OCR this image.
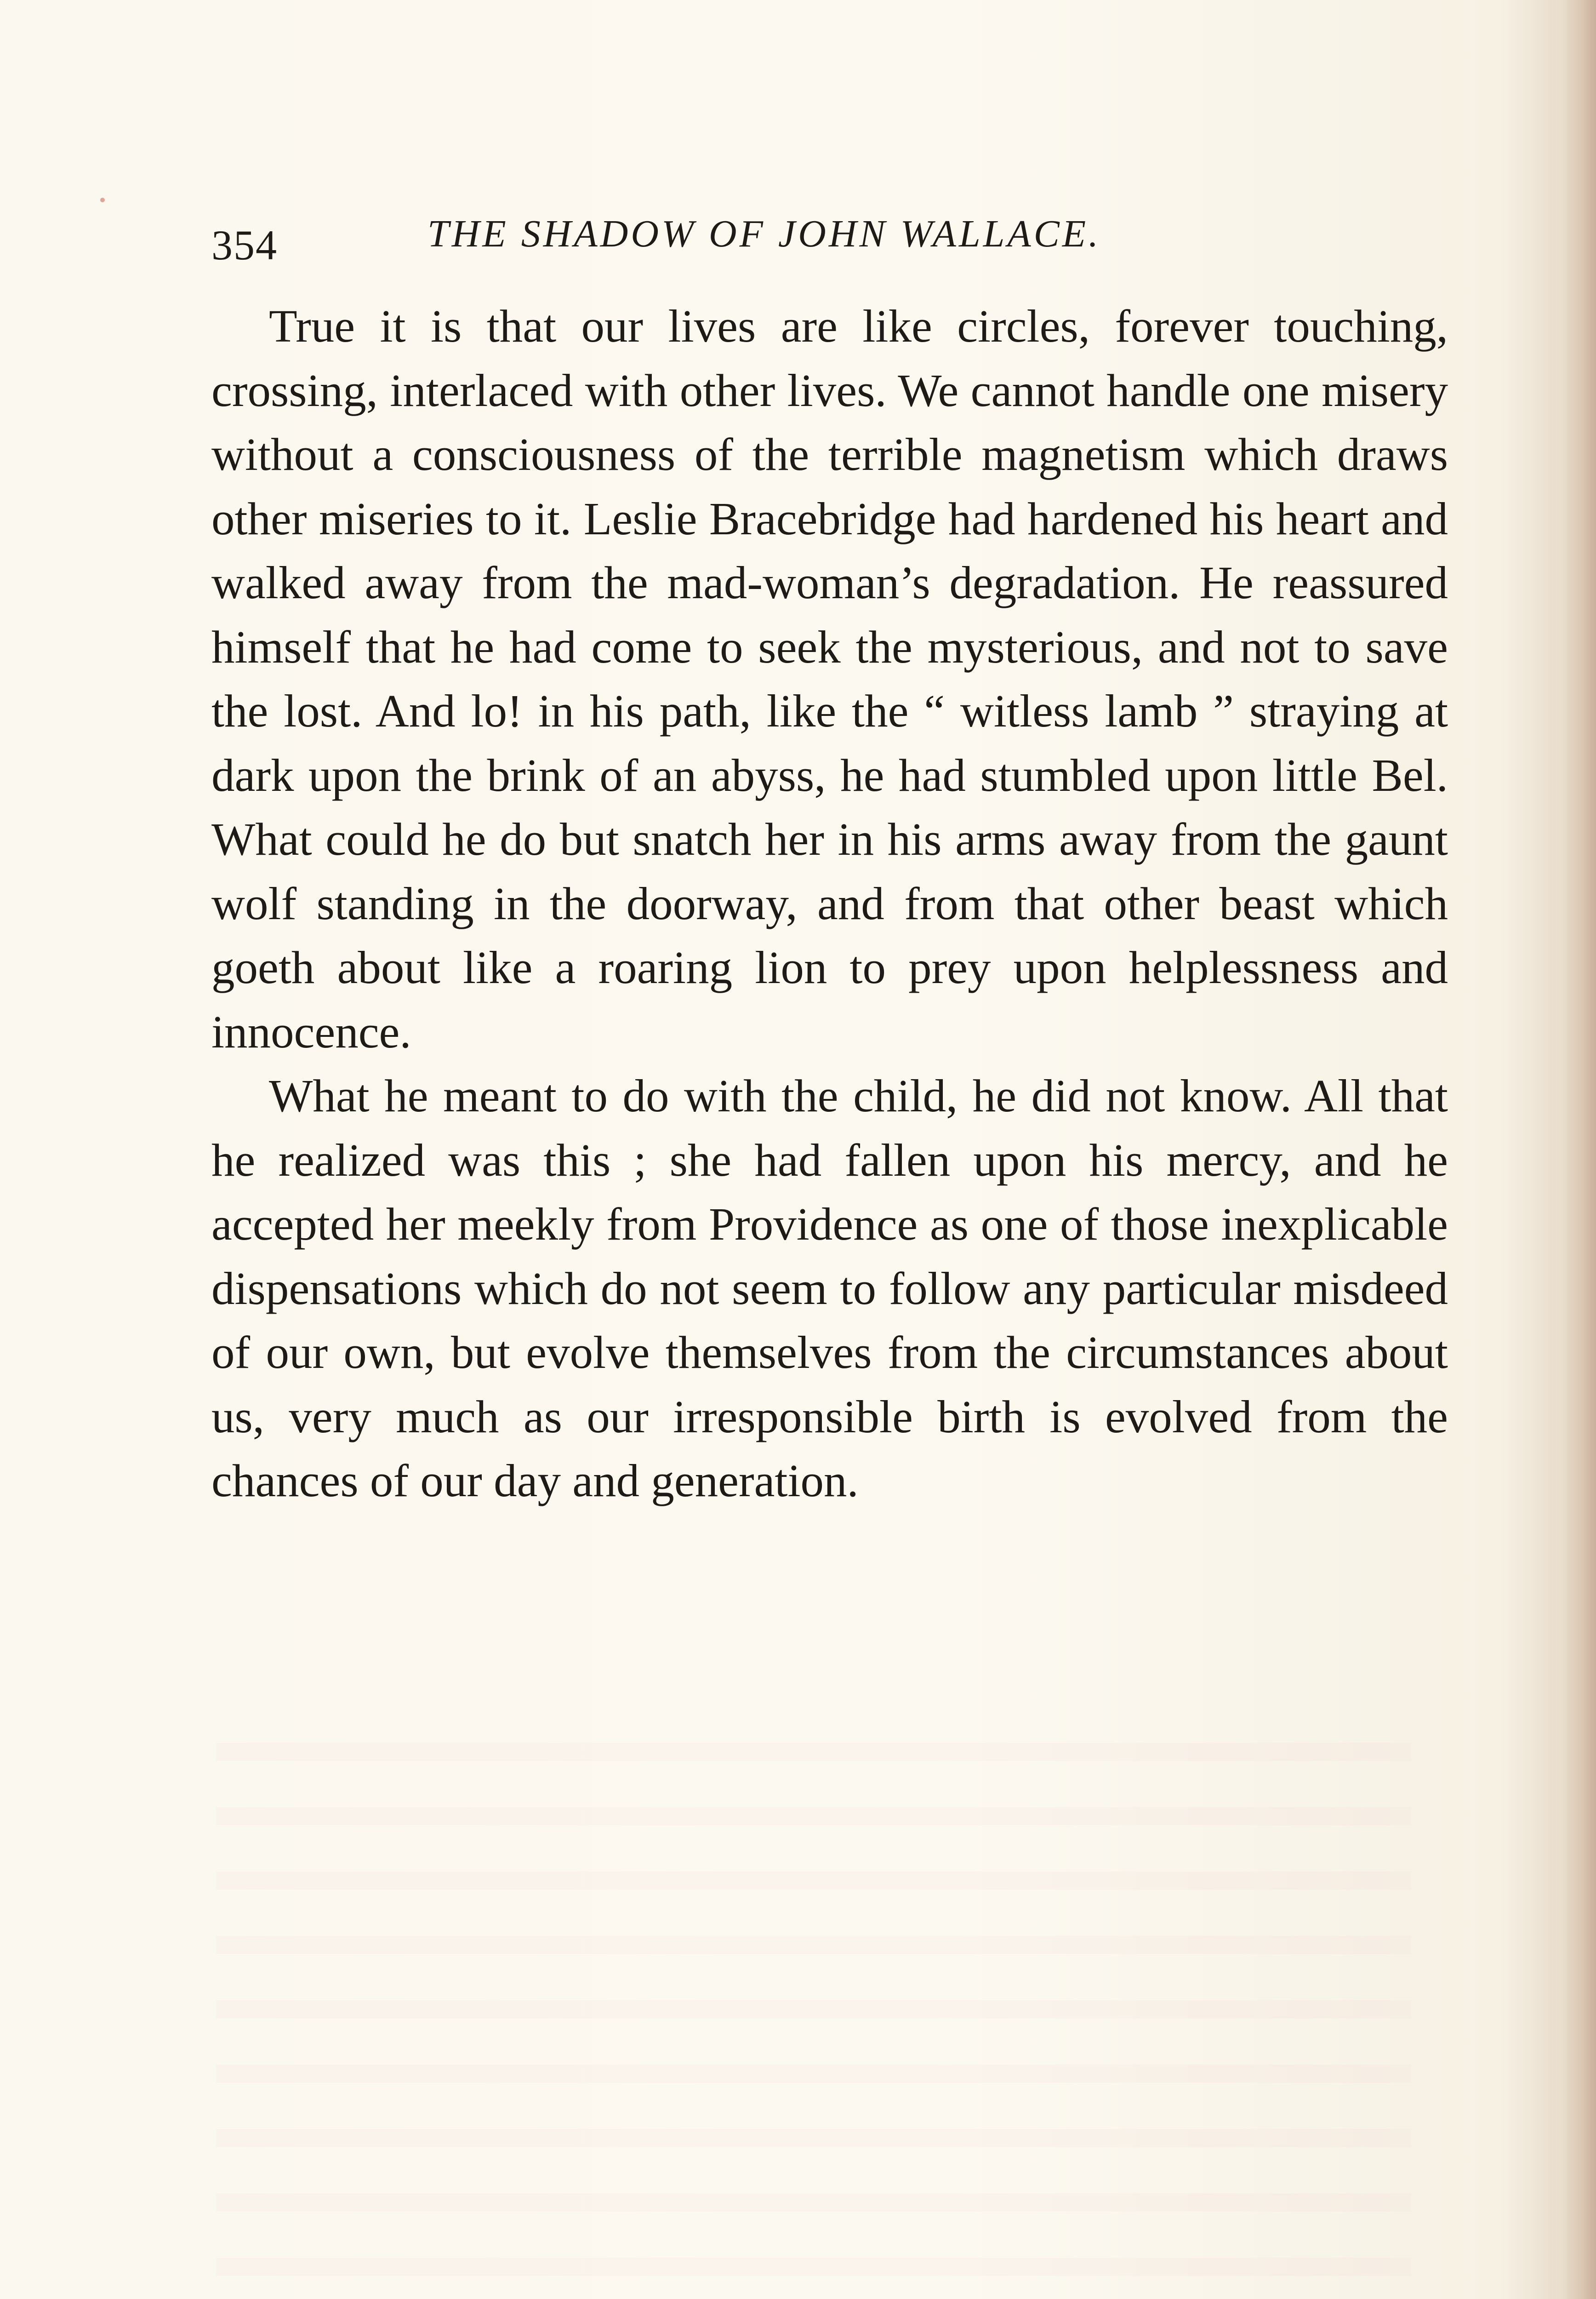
354	THE SHADOW OF JOHN WALLACE.

True it is that our lives are like circles, forever touching, crossing, interlaced with other lives. We cannot handle one misery without a consciousness of the terrible magnetism which draws other miseries to it. Leslie Bracebridge had hardened his heart and walked away from the mad-woman’s degradation. He reassured himself that he had come to seek the mysterious, and not to save the lost. And lo! in his path, like the “ witless lamb ” straying at dark upon the brink of an abyss, he had stumbled upon little Bel. What could he do but snatch her in his arms away from the gaunt wolf standing in the doorway, and from that other beast which goeth about like a roaring lion to prey upon helplessness and innocence.

What he meant to do with the child, he did not know. All that he realized was this ; she had fallen upon his mercy, and he accepted her meekly from Providence as one of those inexplicable dispensations which do not seem to follow any particular misdeed of our own, but evolve themselves from the circumstances about us, very much as our irresponsible birth is evolved from the chances of our day and generation.
